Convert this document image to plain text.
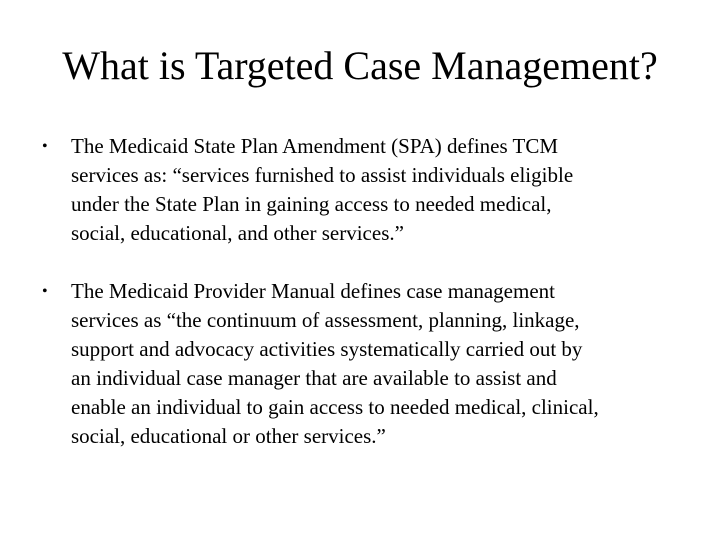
What is Targeted Case Management?
•	The Medicaid State Plan Amendment (SPA) defines TCM
services as: “services furnished to assist individuals eligible
under the State Plan in gaining access to needed medical,
social, educational, and other services.”
•	The Medicaid Provider Manual defines case management
services as “the continuum of assessment, planning, linkage,
support and advocacy activities systematically carried out by
an individual case manager that are available to assist and
enable an individual to gain access to needed medical, clinical,
social, educational or other services.”
